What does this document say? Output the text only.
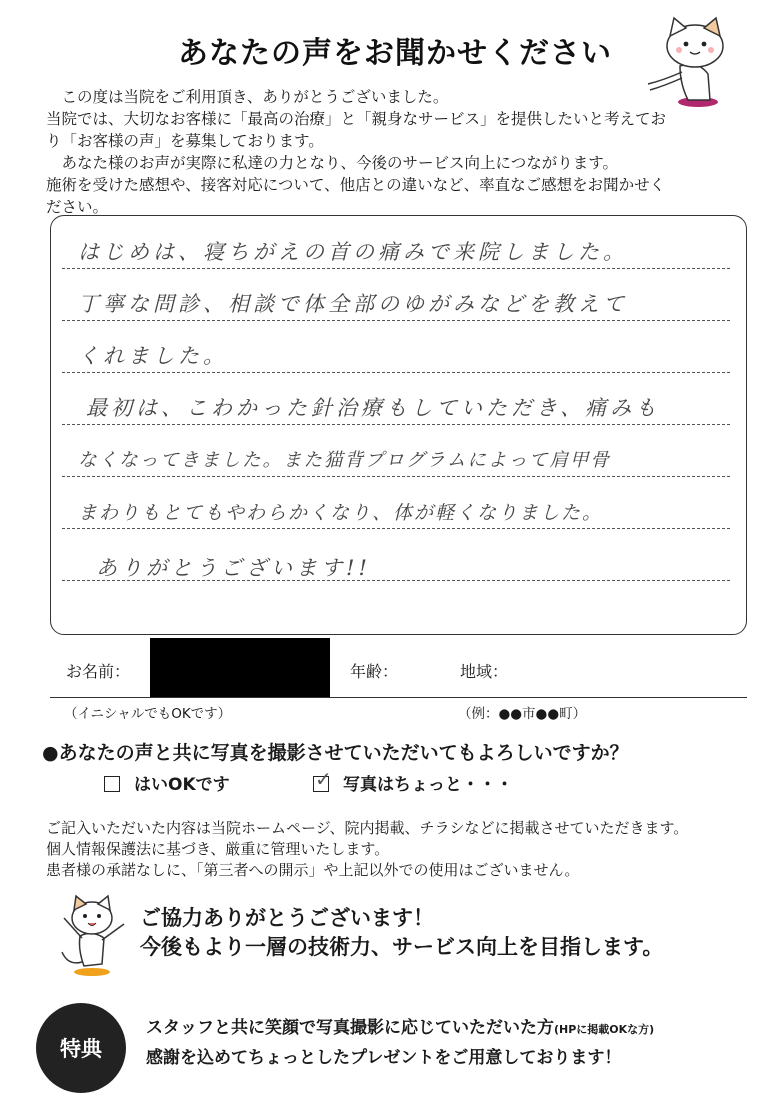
あなたの声をお聞かせください

　この度は当院をご利用頂き、ありがとうございました。

当院では、大切なお客様に「最高の治療」と「親身なサービス」を提供したいと考えてお

り「お客様の声」を募集しております。

　あなた様のお声が実際に私達の力となり、今後のサービス向上につながります。

施術を受けた感想や、接客対応について、他店との違いなど、率直なご感想をお聞かせく

ださい。

はじめは、寝ちがえの首の痛みで来院しました。
丁寧な問診、相談で体全部のゆがみなどを教えて
くれました。
最初は、こわかった針治療もしていただき、痛みも
なくなってきました。また猫背プログラムによって肩甲骨
まわりもとてもやわらかくなり、体が軽くなりました。
ありがとうございます!!
お名前：	年齢：	地域：
（イニシャルでもOKです）	（例：●●市●●町）
●あなたの声と共に写真を撮影させていただいてもよろしいですか？
はいOKです	✓ 写真はちょっと・・・

ご記入いただいた内容は当院ホームページ、院内掲載、チラシなどに掲載させていただきます。

個人情報保護法に基づき、厳重に管理いたします。

患者様の承諾なしに、「第三者への開示」や上記以外での使用はございません。

ご協力ありがとうございます！
今後もより一層の技術力、サービス向上を目指します。
特典
スタッフと共に笑顔で写真撮影に応じていただいた方(HPに掲載OKな方)
感謝を込めてちょっとしたプレゼントをご用意しております！
